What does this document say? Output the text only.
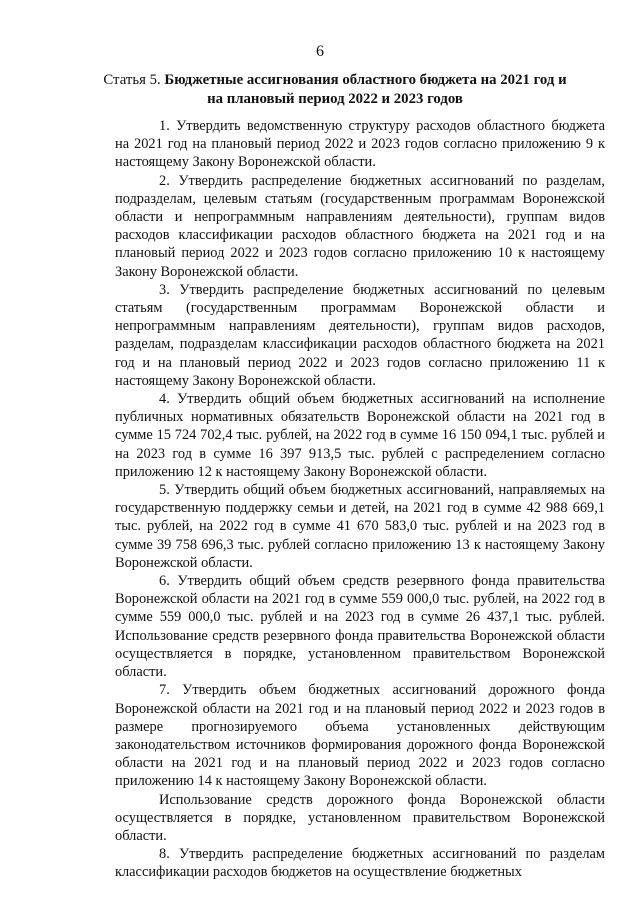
6
Статья 5. Бюджетные ассигнования областного бюджета на 2021 год и на плановый период 2022 и 2023 годов

1. Утвердить ведомственную структуру расходов областного бюджета на 2021 год на плановый период 2022 и 2023 годов согласно приложению 9 к настоящему Закону Воронежской области.

2. Утвердить распределение бюджетных ассигнований по разделам, подразделам, целевым статьям (государственным программам Воронежской области и непрограммным направлениям деятельности), группам видов расходов классификации расходов областного бюджета на 2021 год и на плановый период 2022 и 2023 годов согласно приложению 10 к настоящему Закону Воронежской области.

3. Утвердить распределение бюджетных ассигнований по целевым статьям (государственным программам Воронежской области и непрограммным направлениям деятельности), группам видов расходов, разделам, подразделам классификации расходов областного бюджета на 2021 год и на плановый период 2022 и 2023 годов согласно приложению 11 к настоящему Закону Воронежской области.

4. Утвердить общий объем бюджетных ассигнований на исполнение публичных нормативных обязательств Воронежской области на 2021 год в сумме 15 724 702,4 тыс. рублей, на 2022 год в сумме 16 150 094,1 тыс. рублей и на 2023 год в сумме 16 397 913,5 тыс. рублей с распределением согласно приложению 12 к настоящему Закону Воронежской области.

5. Утвердить общий объем бюджетных ассигнований, направляемых на государственную поддержку семьи и детей, на 2021 год в сумме 42 988 669,1 тыс. рублей, на 2022 год в сумме 41 670 583,0 тыс. рублей и на 2023 год в сумме 39 758 696,3 тыс. рублей согласно приложению 13 к настоящему Закону Воронежской области.

6. Утвердить общий объем средств резервного фонда правительства Воронежской области на 2021 год в сумме 559 000,0 тыс. рублей, на 2022 год в сумме 559 000,0 тыс. рублей и на 2023 год в сумме 26 437,1 тыс. рублей. Использование средств резервного фонда правительства Воронежской области осуществляется в порядке, установленном правительством Воронежской области.

7. Утвердить объем бюджетных ассигнований дорожного фонда Воронежской области на 2021 год и на плановый период 2022 и 2023 годов в размере прогнозируемого объема установленных действующим законодательством источников формирования дорожного фонда Воронежской области на 2021 год и на плановый период 2022 и 2023 годов согласно приложению 14 к настоящему Закону Воронежской области.

Использование средств дорожного фонда Воронежской области осуществляется в порядке, установленном правительством Воронежской области.

8. Утвердить распределение бюджетных ассигнований по разделам классификации расходов бюджетов на осуществление бюджетных
